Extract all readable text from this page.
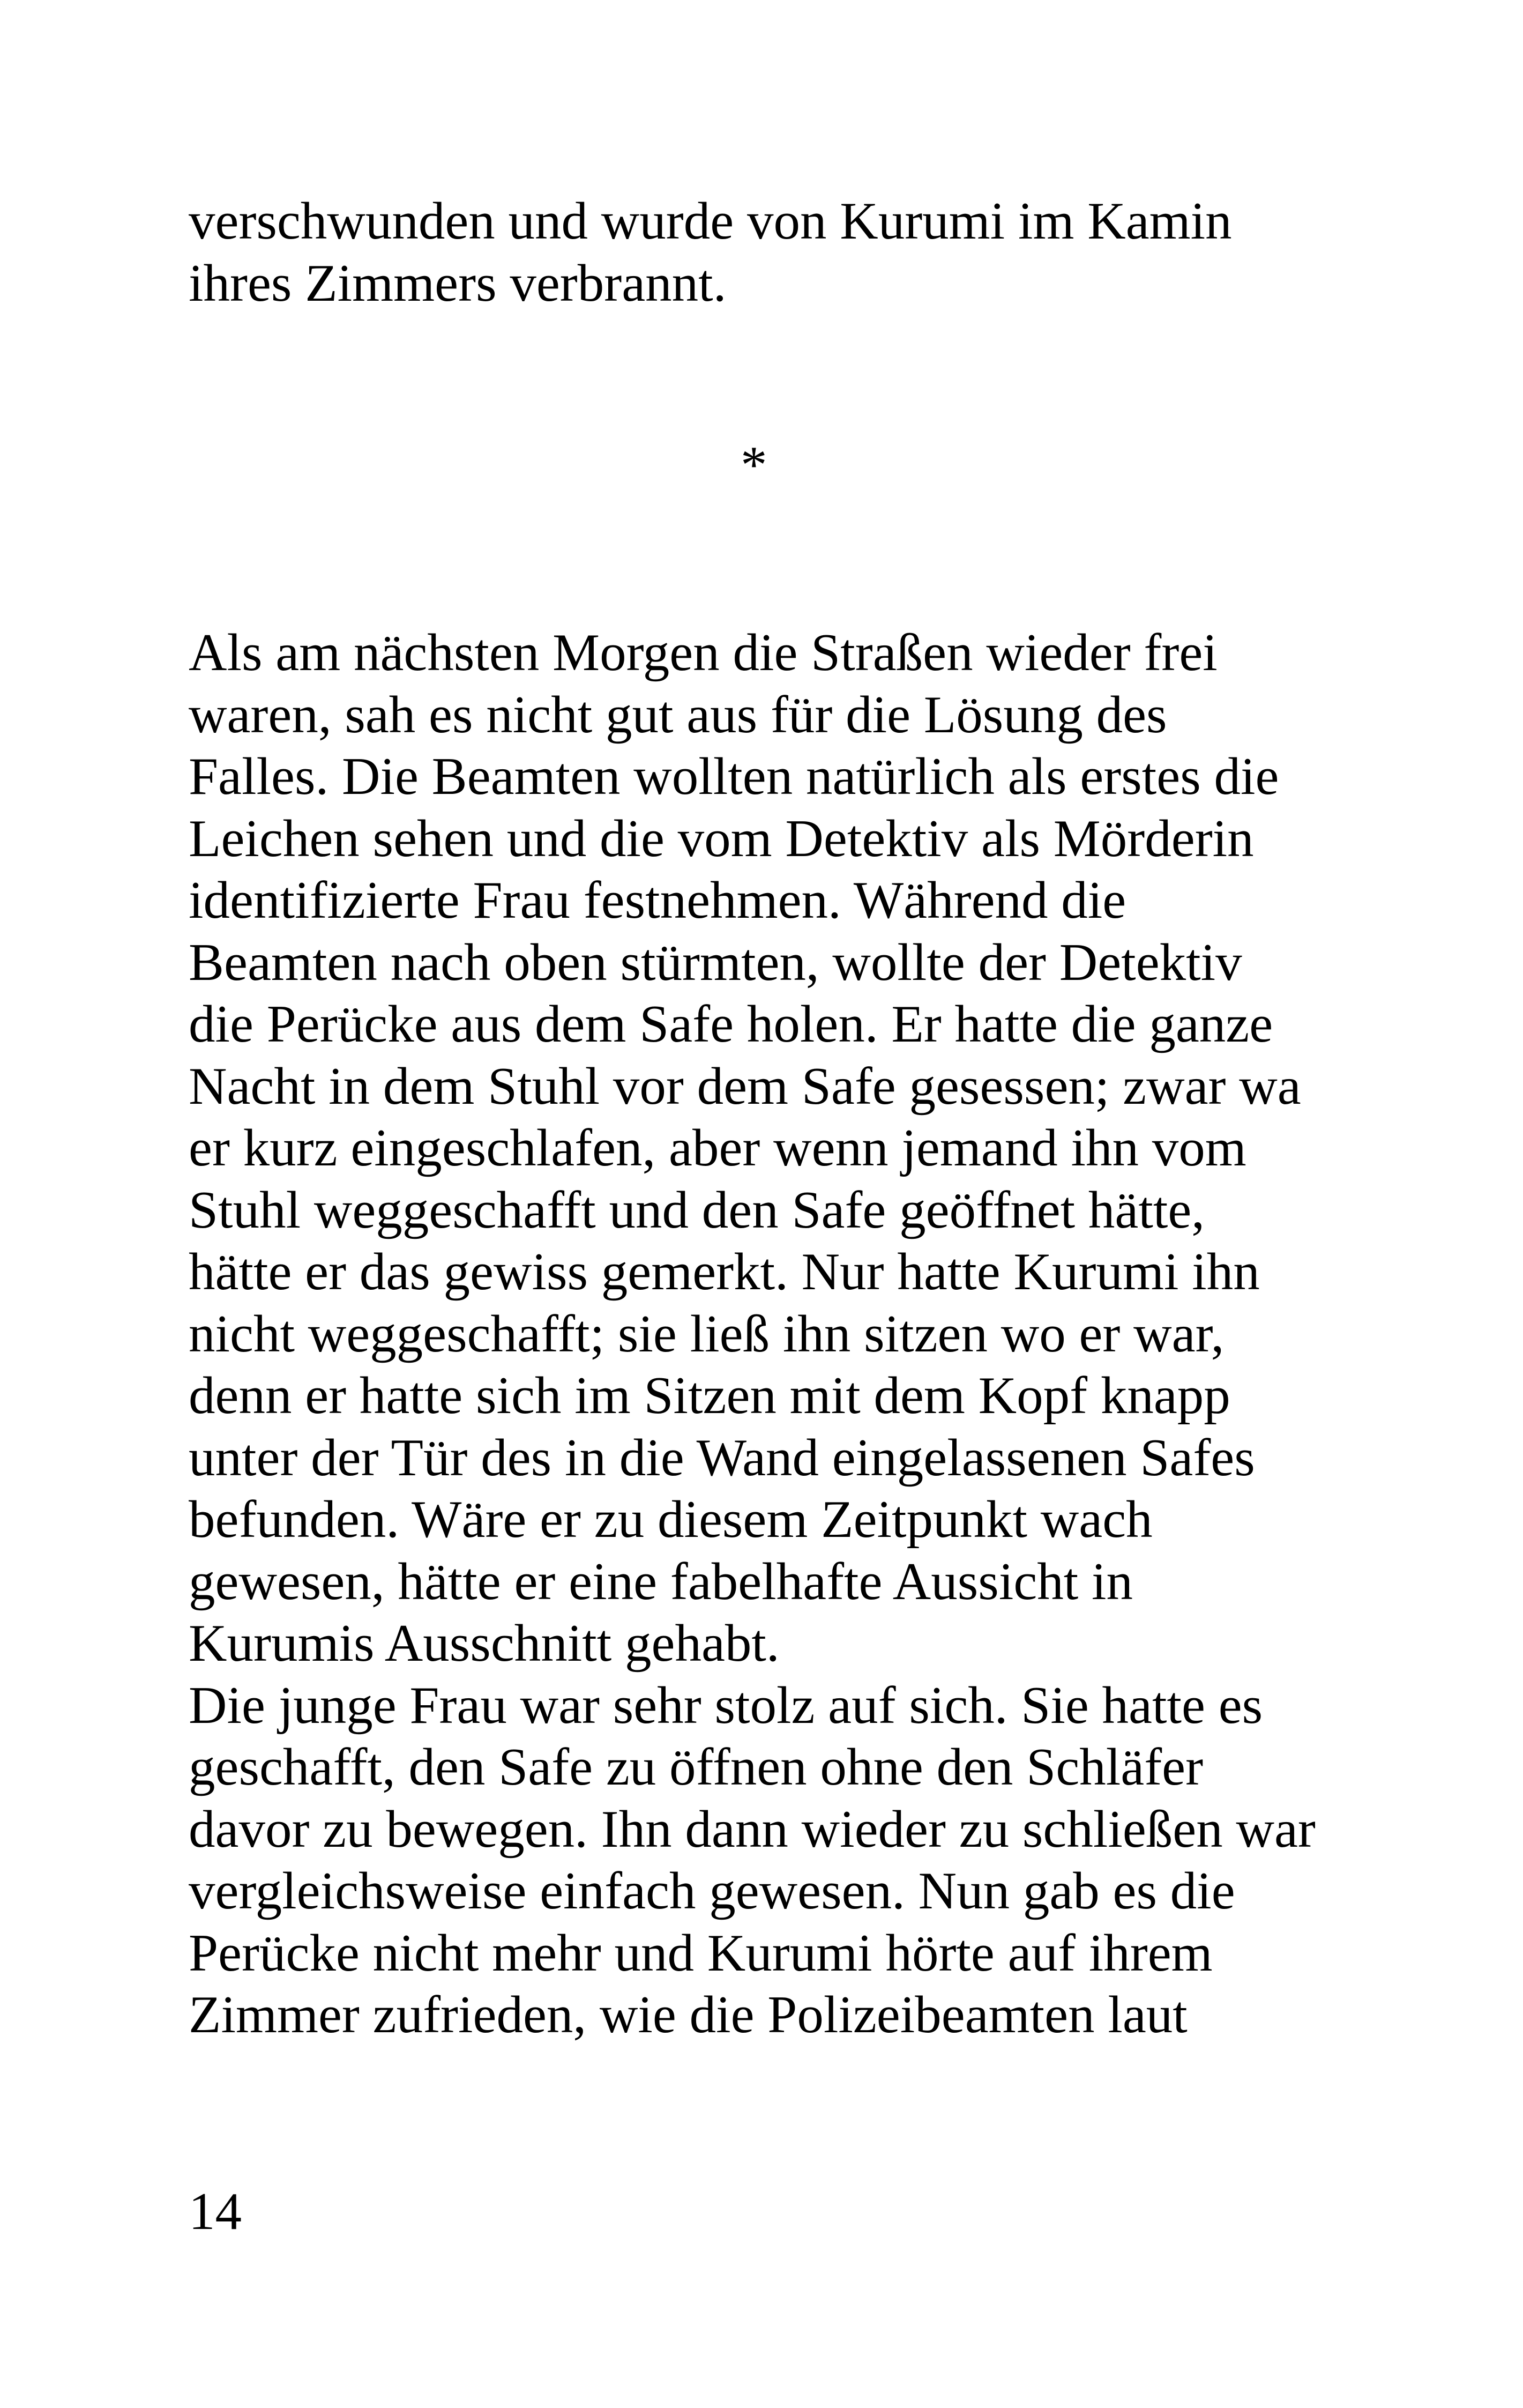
verschwunden und wurde von Kurumi im Kamin
ihres Zimmers verbrannt.
*
Als am nächsten Morgen die Straßen wieder frei
waren, sah es nicht gut aus für die Lösung des
Falles. Die Beamten wollten natürlich als erstes die
Leichen sehen und die vom Detektiv als Mörderin
identifizierte Frau festnehmen. Während die
Beamten nach oben stürmten, wollte der Detektiv
die Perücke aus dem Safe holen. Er hatte die ganze
Nacht in dem Stuhl vor dem Safe gesessen; zwar wa
er kurz eingeschlafen, aber wenn jemand ihn vom
Stuhl weggeschafft und den Safe geöffnet hätte,
hätte er das gewiss gemerkt. Nur hatte Kurumi ihn
nicht weggeschafft; sie ließ ihn sitzen wo er war,
denn er hatte sich im Sitzen mit dem Kopf knapp
unter der Tür des in die Wand eingelassenen Safes
befunden. Wäre er zu diesem Zeitpunkt wach
gewesen, hätte er eine fabelhafte Aussicht in
Kurumis Ausschnitt gehabt.
Die junge Frau war sehr stolz auf sich. Sie hatte es
geschafft, den Safe zu öffnen ohne den Schläfer
davor zu bewegen. Ihn dann wieder zu schließen war
vergleichsweise einfach gewesen. Nun gab es die
Perücke nicht mehr und Kurumi hörte auf ihrem
Zimmer zufrieden, wie die Polizeibeamten laut
14
